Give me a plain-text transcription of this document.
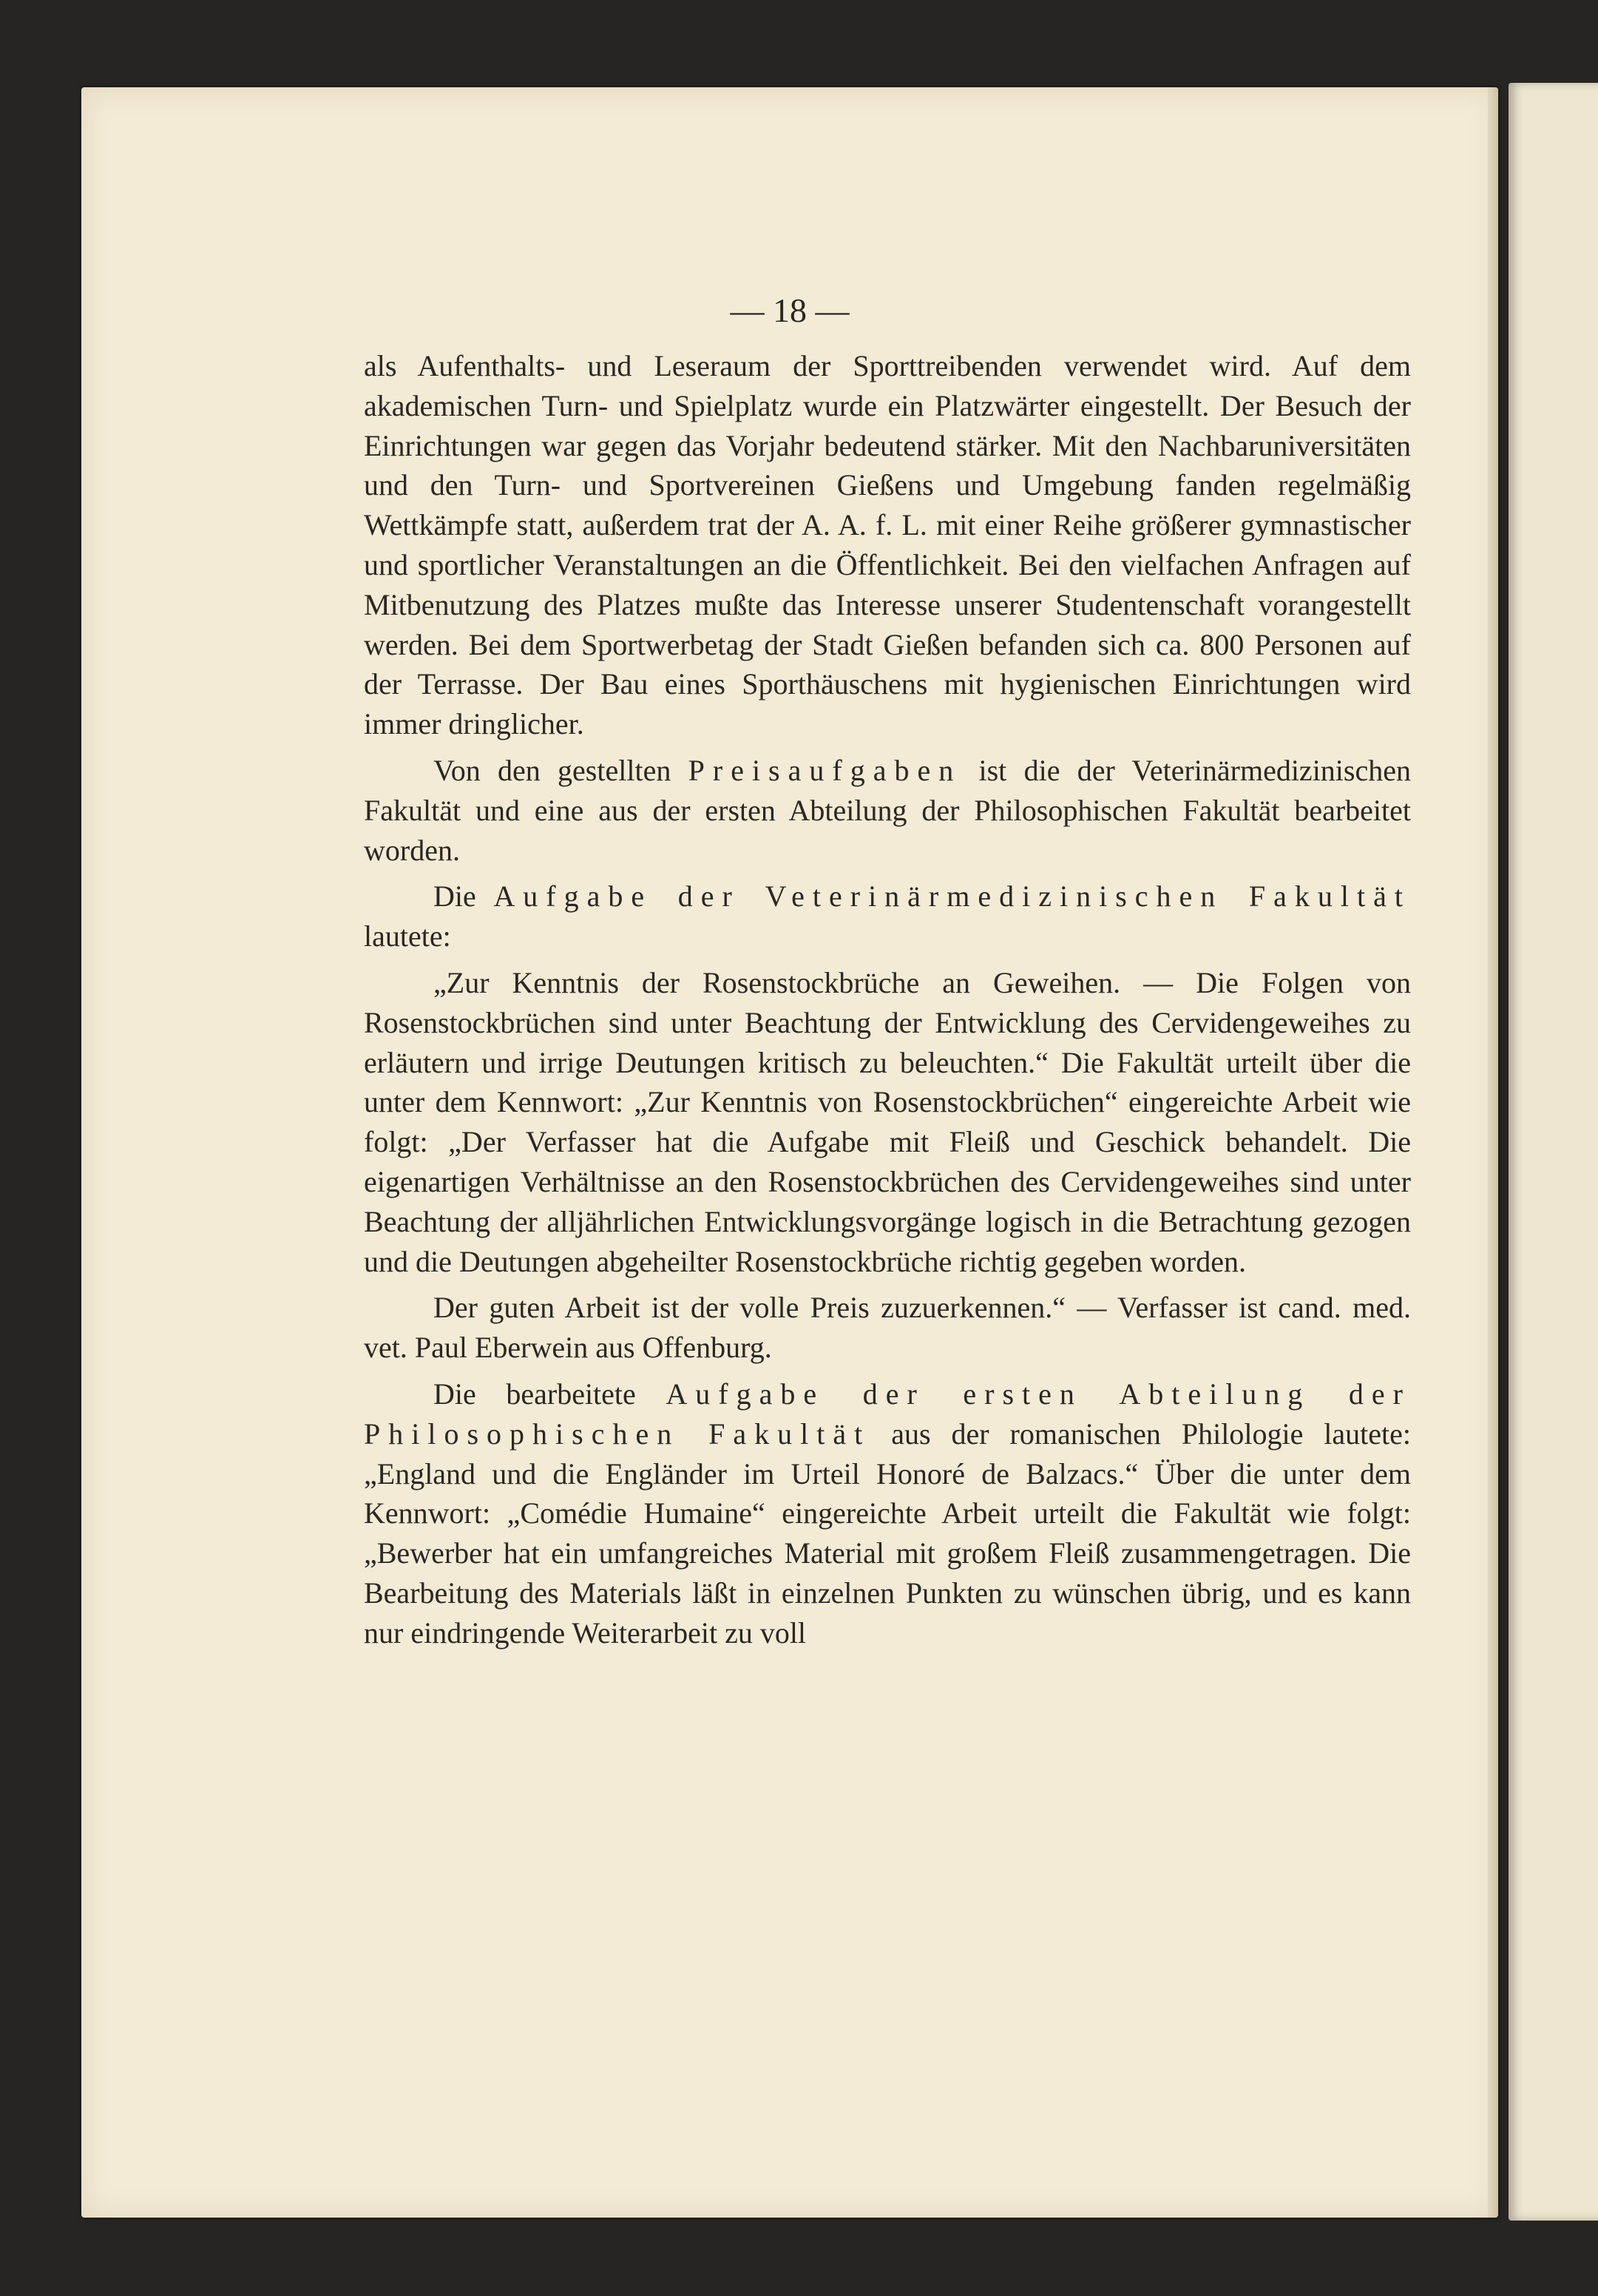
— 18 —

als Aufenthalts- und Leseraum der Sporttreibenden verwendet wird. Auf dem akademischen Turn- und Spielplatz wurde ein Platzwärter eingestellt. Der Besuch der Einrichtungen war gegen das Vorjahr bedeutend stärker. Mit den Nachbaruniversitäten und den Turn- und Sportvereinen Gießens und Umgebung fanden regelmäßig Wettkämpfe statt, außerdem trat der A. A. f. L. mit einer Reihe größerer gymnastischer und sportlicher Veranstaltungen an die Öffentlichkeit. Bei den vielfachen Anfragen auf Mitbenutzung des Platzes mußte das Interesse unserer Studentenschaft vorangestellt werden. Bei dem Sportwerbetag der Stadt Gießen befanden sich ca. 800 Personen auf der Terrasse. Der Bau eines Sporthäuschens mit hygienischen Einrichtungen wird immer dringlicher.

Von den gestellten Preisaufgaben ist die der Veterinärmedizinischen Fakultät und eine aus der ersten Abteilung der Philosophischen Fakultät bearbeitet worden.

Die Aufgabe der Veterinärmedizinischen Fakultät lautete:

„Zur Kenntnis der Rosenstockbrüche an Geweihen. — Die Folgen von Rosenstockbrüchen sind unter Beachtung der Entwicklung des Cervidengeweihes zu erläutern und irrige Deutungen kritisch zu beleuchten.“ Die Fakultät urteilt über die unter dem Kennwort: „Zur Kenntnis von Rosenstockbrüchen“ eingereichte Arbeit wie folgt: „Der Verfasser hat die Aufgabe mit Fleiß und Geschick behandelt. Die eigenartigen Verhältnisse an den Rosenstockbrüchen des Cervidengeweihes sind unter Beachtung der alljährlichen Entwicklungsvorgänge logisch in die Betrachtung gezogen und die Deutungen abgeheilter Rosenstockbrüche richtig gegeben worden.

Der guten Arbeit ist der volle Preis zuzuerkennen.“ — Verfasser ist cand. med. vet. Paul Eberwein aus Offenburg.

Die bearbeitete Aufgabe der ersten Abteilung der Philosophischen Fakultät aus der romanischen Philologie lautete: „England und die Engländer im Urteil Honoré de Balzacs.“ Über die unter dem Kennwort: „Comédie Humaine“ eingereichte Arbeit urteilt die Fakultät wie folgt: „Bewerber hat ein umfangreiches Material mit großem Fleiß zusammengetragen. Die Bearbeitung des Materials läßt in einzelnen Punkten zu wünschen übrig, und es kann nur eindringende Weiterarbeit zu voll
